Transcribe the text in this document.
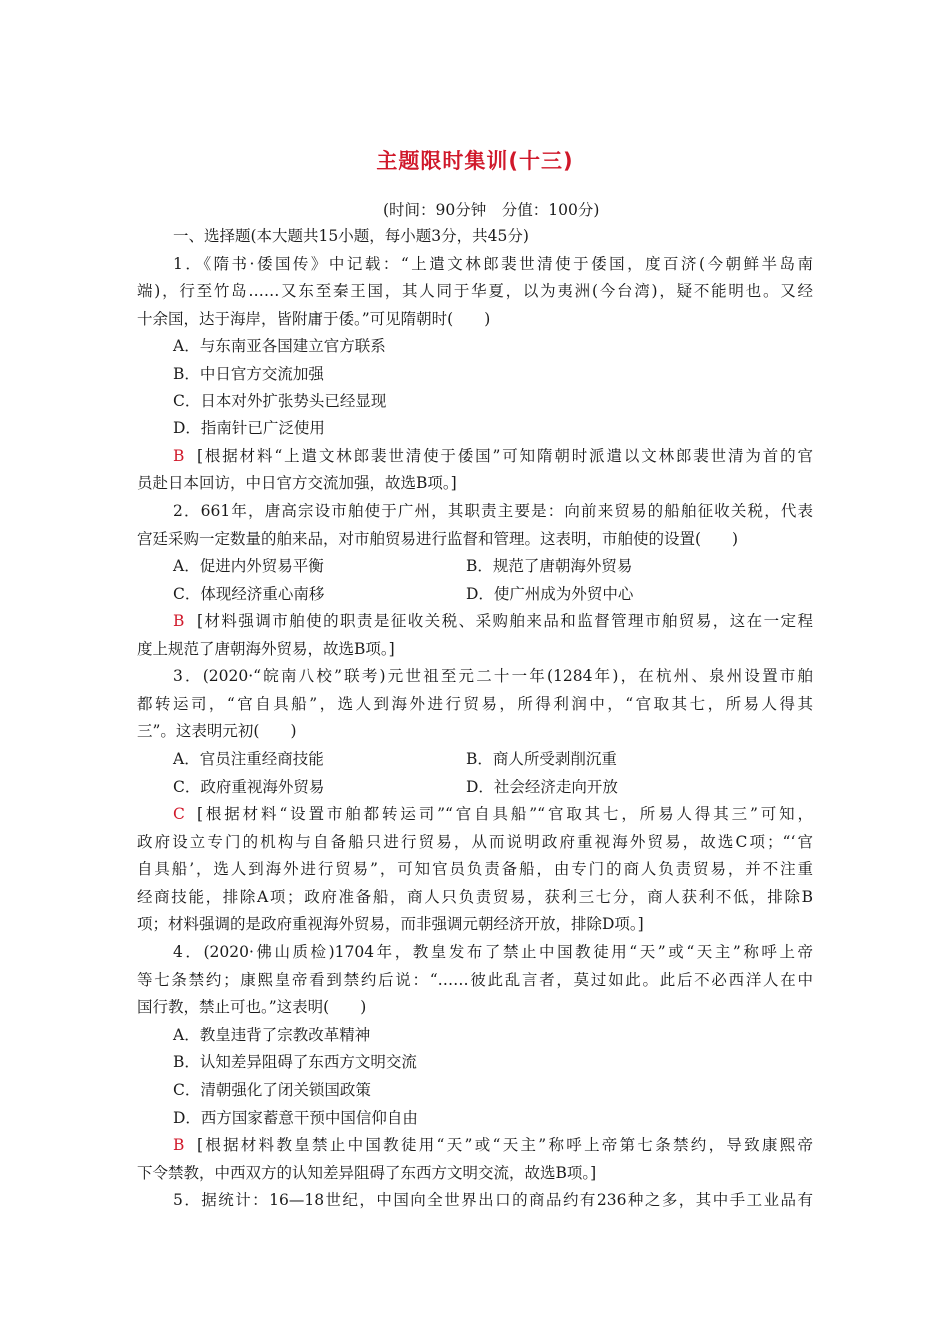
主题限时集训(十三)
(时间：90分钟　分值：100分)
一、选择题(本大题共15小题，每小题3分，共45分)
1．《隋书·倭国传》中记载：“上遣文林郎裴世清使于倭国，度百济(今朝鲜半岛南
端)，行至竹岛……又东至秦王国，其人同于华夏，以为夷洲(今台湾)，疑不能明也。又经
十余国，达于海岸，皆附庸于倭。”可见隋朝时(　　)
A．与东南亚各国建立官方联系
B．中日官方交流加强
C．日本对外扩张势头已经显现
D．指南针已广泛使用
B [根据材料“上遣文林郎裴世清使于倭国”可知隋朝时派遣以文林郎裴世清为首的官
员赴日本回访，中日官方交流加强，故选B项。]
2．661年，唐高宗设市舶使于广州，其职责主要是：向前来贸易的船舶征收关税，代表
宫廷采购一定数量的舶来品，对市舶贸易进行监督和管理。这表明，市舶使的设置(　　)
A．促进内外贸易平衡	B．规范了唐朝海外贸易
C．体现经济重心南移	D．使广州成为外贸中心
B [材料强调市舶使的职责是征收关税、采购舶来品和监督管理市舶贸易，这在一定程
度上规范了唐朝海外贸易，故选B项。]
3．(2020·“皖南八校”联考)元世祖至元二十一年(1284年)，在杭州、泉州设置市舶
都转运司，“官自具船”，选人到海外进行贸易，所得利润中，“官取其七，所易人得其
三”。这表明元初(　　)
A．官员注重经商技能	B．商人所受剥削沉重
C．政府重视海外贸易	D．社会经济走向开放
C [根据材料“设置市舶都转运司”“官自具船”“官取其七，所易人得其三”可知，
政府设立专门的机构与自备船只进行贸易，从而说明政府重视海外贸易，故选C项；“‘官
自具船’，选人到海外进行贸易”，可知官员负责备船，由专门的商人负责贸易，并不注重
经商技能，排除A项；政府准备船，商人只负责贸易，获利三七分，商人获利不低，排除B
项；材料强调的是政府重视海外贸易，而非强调元朝经济开放，排除D项。]
4．(2020·佛山质检)1704年，教皇发布了禁止中国教徒用“天”或“天主”称呼上帝
等七条禁约；康熙皇帝看到禁约后说：“……彼此乱言者，莫过如此。此后不必西洋人在中
国行教，禁止可也。”这表明(　　)
A．教皇违背了宗教改革精神
B．认知差异阻碍了东西方文明交流
C．清朝强化了闭关锁国政策
D．西方国家蓄意干预中国信仰自由
B [根据材料教皇禁止中国教徒用“天”或“天主”称呼上帝第七条禁约，导致康熙帝
下令禁教，中西双方的认知差异阻碍了东西方文明交流，故选B项。]
5．据统计：16—18世纪，中国向全世界出口的商品约有236种之多，其中手工业品有
